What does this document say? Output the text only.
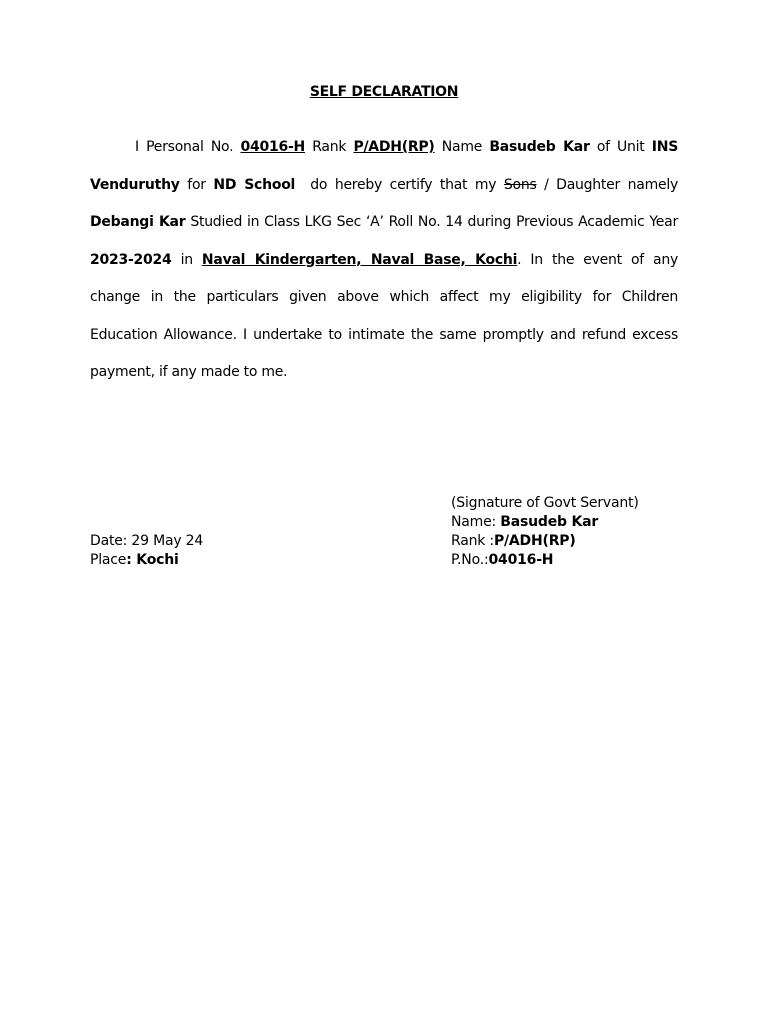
SELF DECLARATION
I Personal No. 04016-H Rank P/ADH(RP) Name Basudeb Kar of Unit INS Venduruthy for ND School do hereby certify that my Sons / Daughter namely Debangi Kar Studied in Class LKG Sec ‘A’ Roll No. 14 during Previous Academic Year 2023-2024 in Naval Kindergarten, Naval Base, Kochi. In the event of any change in the particulars given above which affect my eligibility for Children Education Allowance. I undertake to intimate the same promptly and refund excess payment, if any made to me.
(Signature of Govt Servant)
Name: Basudeb Kar
Rank :P/ADH(RP)
P.No.:04016-H
Date: 29 May 24
Place: Kochi
